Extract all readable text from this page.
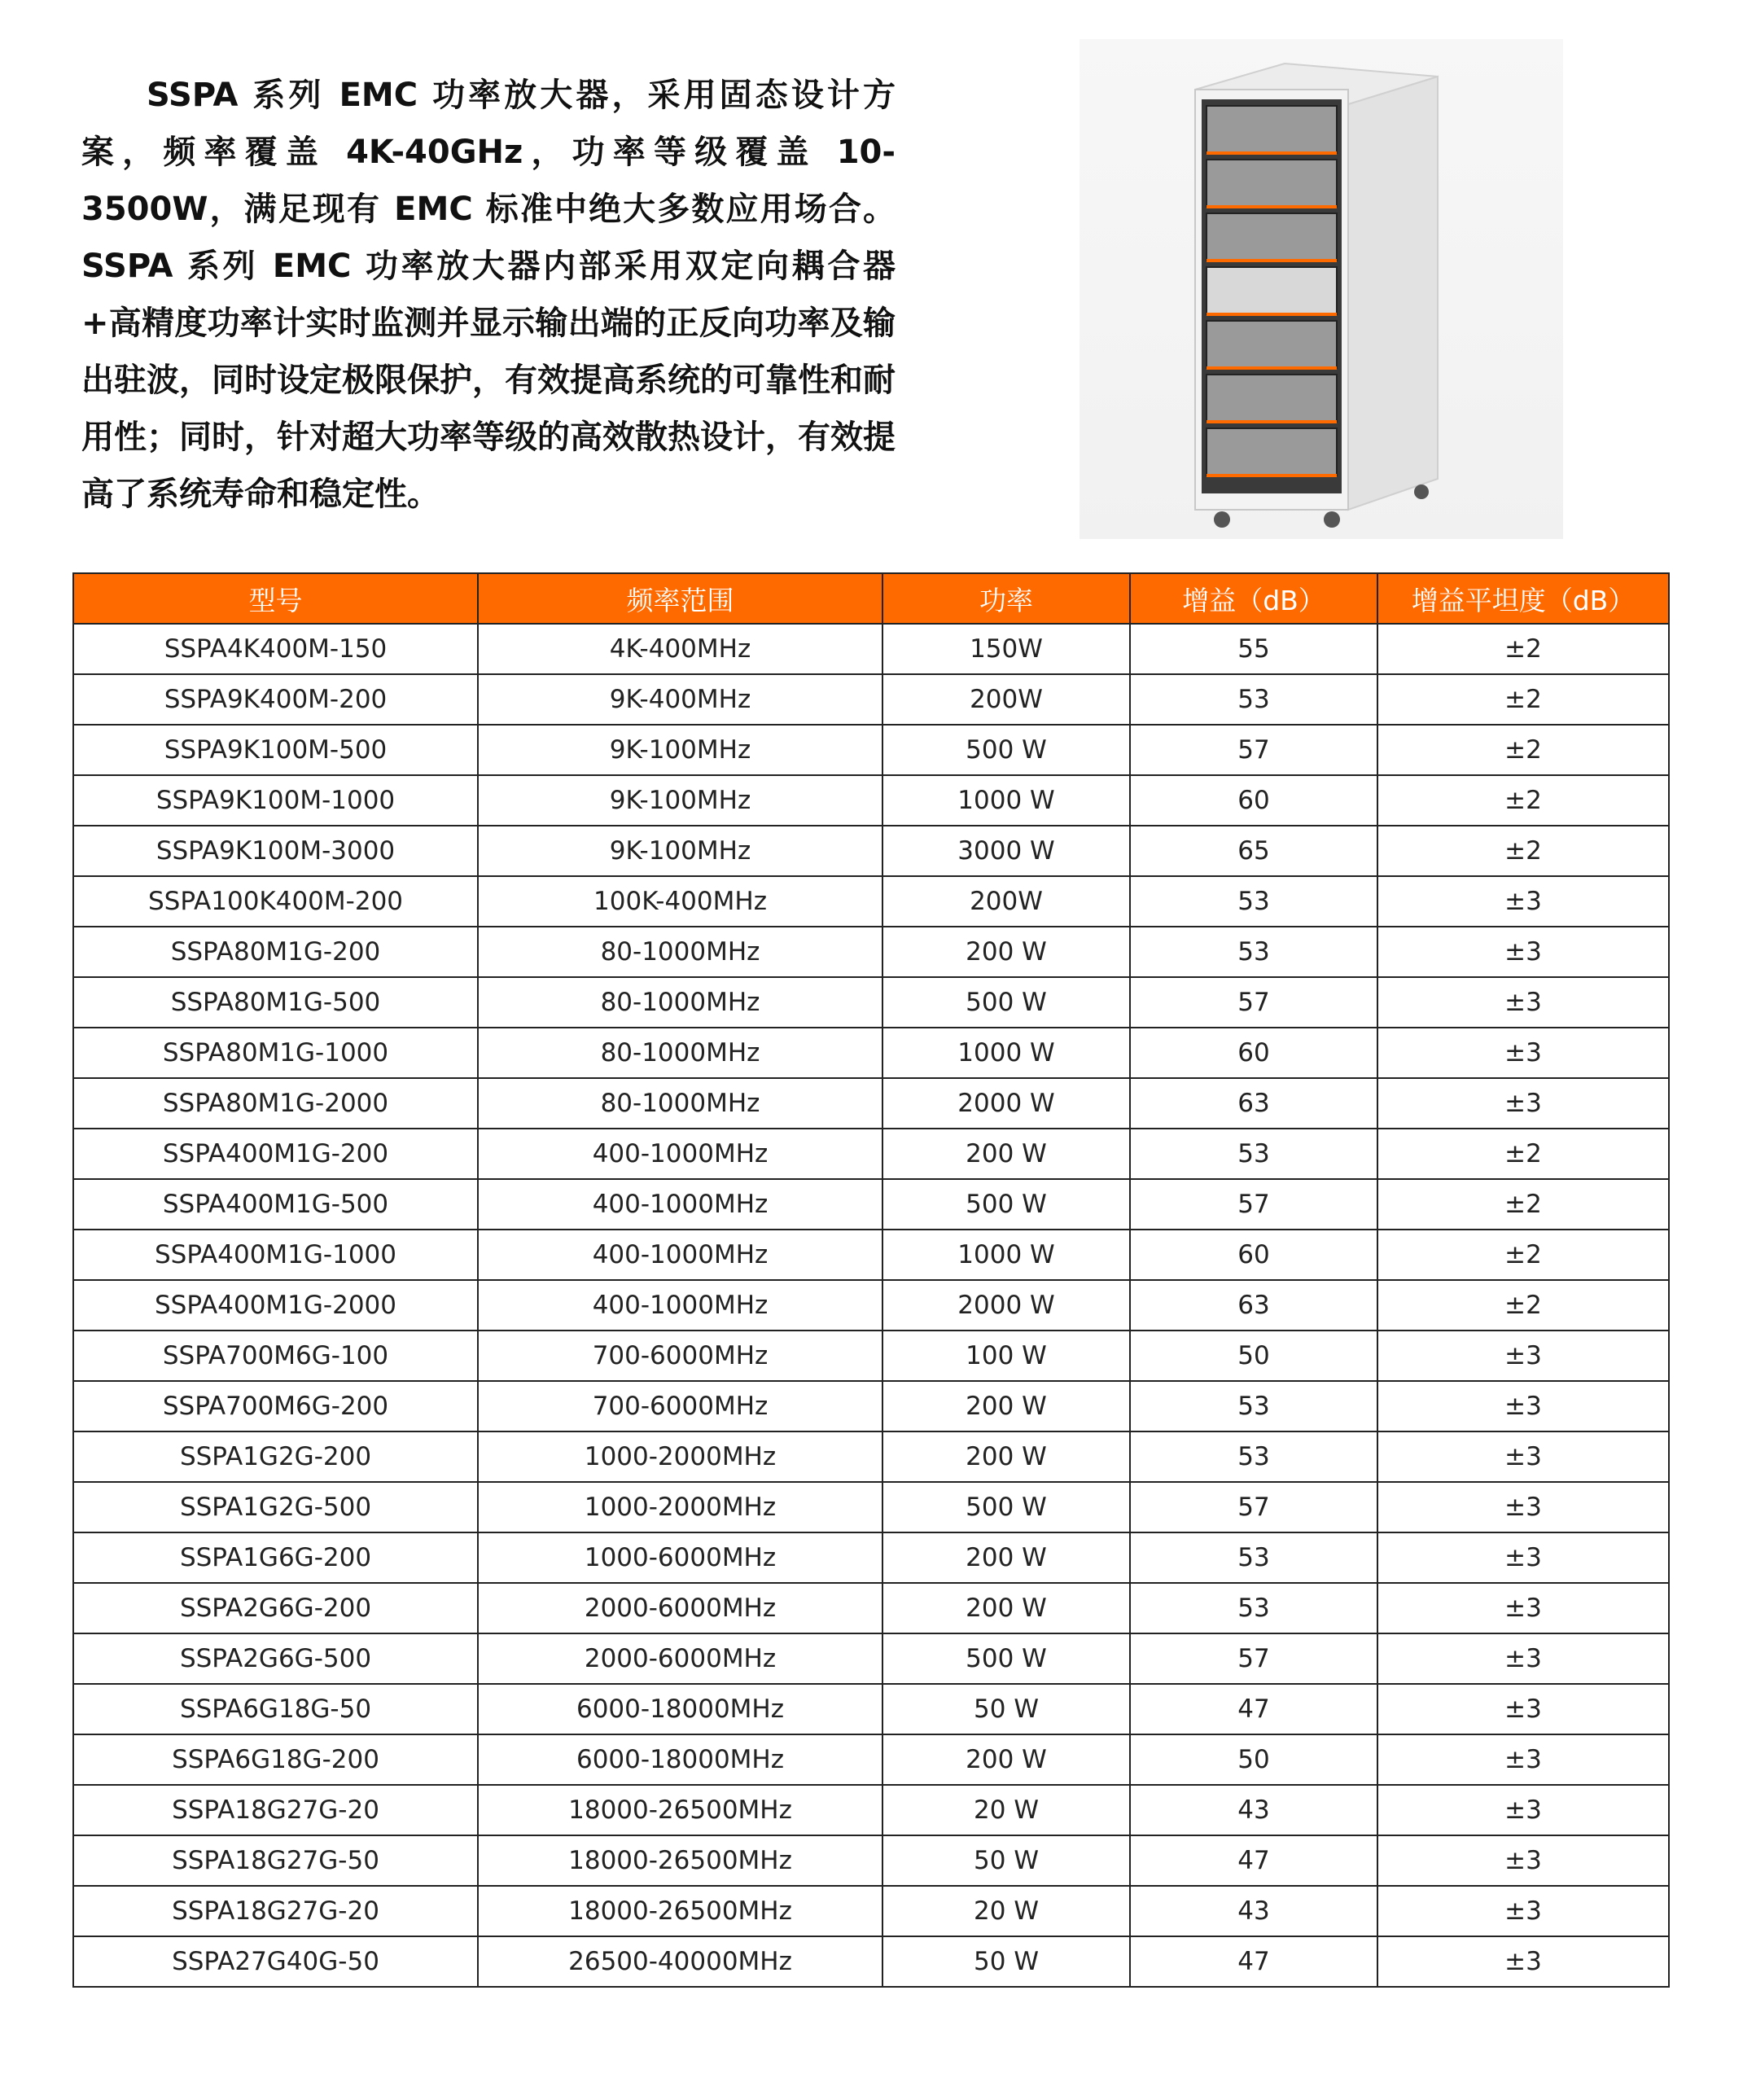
SSPA 系列 EMC 功率放大器，采用固态设计方案，频率覆盖 4K-40GHz，功率等级覆盖 10-3500W，满足现有 EMC 标准中绝大多数应用场合。SSPA 系列 EMC 功率放大器内部采用双定向耦合器+高精度功率计实时监测并显示输出端的正反向功率及输出驻波，同时设定极限保护，有效提高系统的可靠性和耐用性；同时，针对超大功率等级的高效散热设计，有效提高了系统寿命和稳定性。

型号	频率范围	功率	增益（dB）	增益平坦度（dB）
SSPA4K400M-150	4K-400MHz	150W	55	±2
SSPA9K400M-200	9K-400MHz	200W	53	±2
SSPA9K100M-500	9K-100MHz	500 W	57	±2
SSPA9K100M-1000	9K-100MHz	1000 W	60	±2
SSPA9K100M-3000	9K-100MHz	3000 W	65	±2
SSPA100K400M-200	100K-400MHz	200W	53	±3
SSPA80M1G-200	80-1000MHz	200 W	53	±3
SSPA80M1G-500	80-1000MHz	500 W	57	±3
SSPA80M1G-1000	80-1000MHz	1000 W	60	±3
SSPA80M1G-2000	80-1000MHz	2000 W	63	±3
SSPA400M1G-200	400-1000MHz	200 W	53	±2
SSPA400M1G-500	400-1000MHz	500 W	57	±2
SSPA400M1G-1000	400-1000MHz	1000 W	60	±2
SSPA400M1G-2000	400-1000MHz	2000 W	63	±2
SSPA700M6G-100	700-6000MHz	100 W	50	±3
SSPA700M6G-200	700-6000MHz	200 W	53	±3
SSPA1G2G-200	1000-2000MHz	200 W	53	±3
SSPA1G2G-500	1000-2000MHz	500 W	57	±3
SSPA1G6G-200	1000-6000MHz	200 W	53	±3
SSPA2G6G-200	2000-6000MHz	200 W	53	±3
SSPA2G6G-500	2000-6000MHz	500 W	57	±3
SSPA6G18G-50	6000-18000MHz	50 W	47	±3
SSPA6G18G-200	6000-18000MHz	200 W	50	±3
SSPA18G27G-20	18000-26500MHz	20 W	43	±3
SSPA18G27G-50	18000-26500MHz	50 W	47	±3
SSPA18G27G-20	18000-26500MHz	20 W	43	±3
SSPA27G40G-50	26500-40000MHz	50 W	47	±3
